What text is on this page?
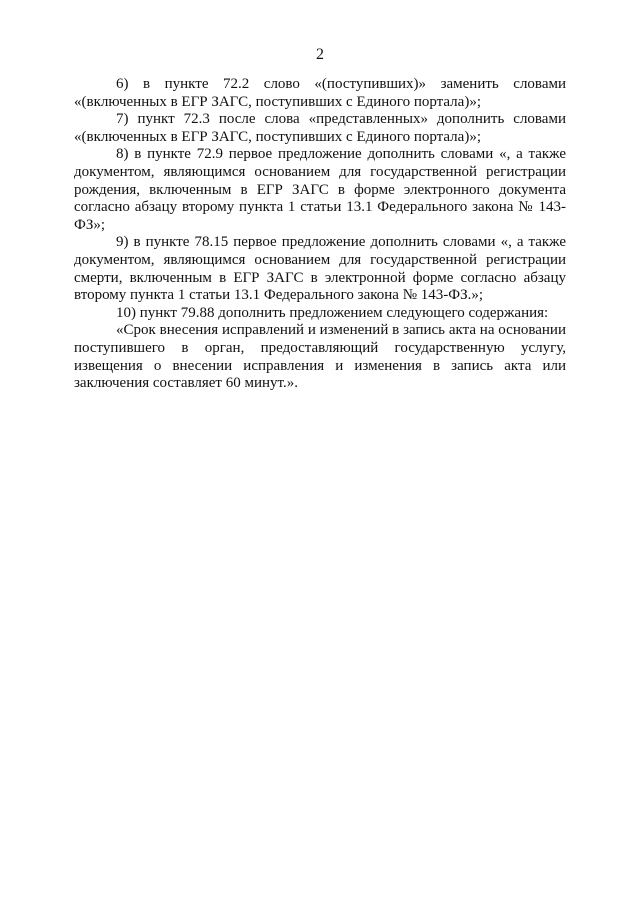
2

6) в пункте 72.2 слово «(поступивших)» заменить словами «(включенных в ЕГР ЗАГС, поступивших с Единого портала)»;

7) пункт 72.3 после слова «представленных» дополнить словами «(включенных в ЕГР ЗАГС, поступивших с Единого портала)»;

8) в пункте 72.9 первое предложение дополнить словами «, а также документом, являющимся основанием для государственной регистрации рождения, включенным в ЕГР ЗАГС в форме электронного документа согласно абзацу второму пункта 1 статьи 13.1 Федерального закона № 143-ФЗ»;

9) в пункте 78.15 первое предложение дополнить словами «, а также документом, являющимся основанием для государственной регистрации смерти, включенным в ЕГР ЗАГС в электронной форме согласно абзацу второму пункта 1 статьи 13.1 Федерального закона № 143-ФЗ.»;

10) пункт 79.88 дополнить предложением следующего содержания:

«Срок внесения исправлений и изменений в запись акта на основании поступившего в орган, предоставляющий государственную услугу, извещения о внесении исправления и изменения в запись акта или заключения составляет 60 минут.».
